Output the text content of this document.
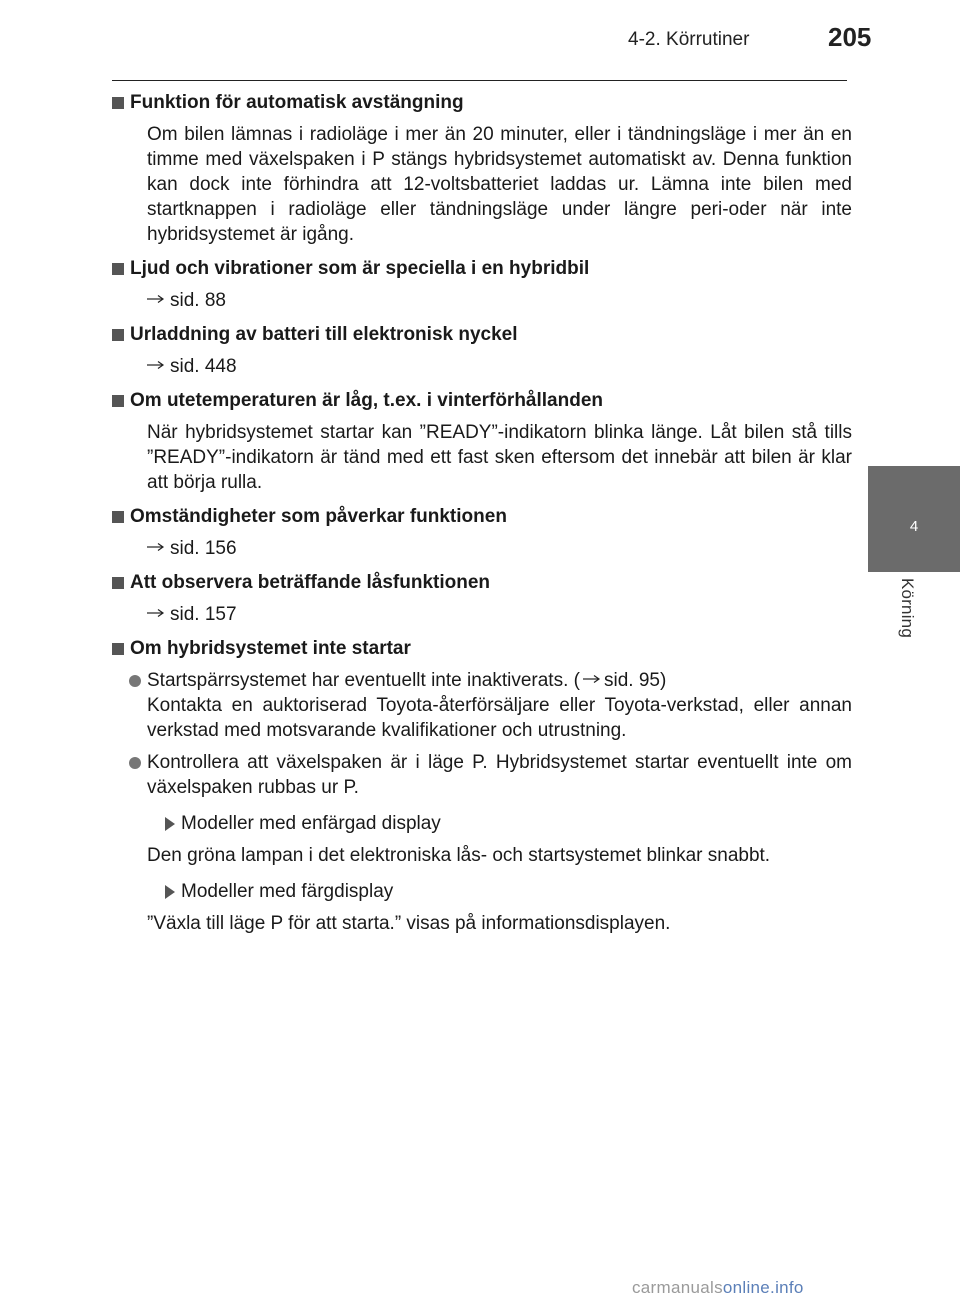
4-2. Körrutiner	205
4
Körning
Funktion för automatisk avstängning
Om bilen lämnas i radioläge i mer än 20 minuter, eller i tändningsläge i mer än en timme med växelspaken i P stängs hybridsystemet automatiskt av. Denna funktion kan dock inte förhindra att 12-voltsbatteriet laddas ur. Lämna inte bilen med startknappen i radioläge eller tändningsläge under längre peri-oder när inte hybridsystemet är igång.
Ljud och vibrationer som är speciella i en hybridbil
sid. 88
Urladdning av batteri till elektronisk nyckel
sid. 448
Om utetemperaturen är låg, t.ex. i vinterförhållanden
När hybridsystemet startar kan ”READY”-indikatorn blinka länge. Låt bilen stå tills ”READY”-indikatorn är tänd med ett fast sken eftersom det innebär att bilen är klar att börja rulla.
Omständigheter som påverkar funktionen
sid. 156
Att observera beträffande låsfunktionen
sid. 157
Om hybridsystemet inte startar
Startspärrsystemet har eventuellt inte inaktiverats. ( sid. 95)
Kontakta en auktoriserad Toyota-återförsäljare eller Toyota-verkstad, eller annan verkstad med motsvarande kvalifikationer och utrustning.
Kontrollera att växelspaken är i läge P. Hybridsystemet startar eventuellt inte om växelspaken rubbas ur P.
Modeller med enfärgad display
Den gröna lampan i det elektroniska lås- och startsystemet blinkar snabbt.
Modeller med färgdisplay
”Växla till läge P för att starta.” visas på informationsdisplayen.
carmanualsonline.info
